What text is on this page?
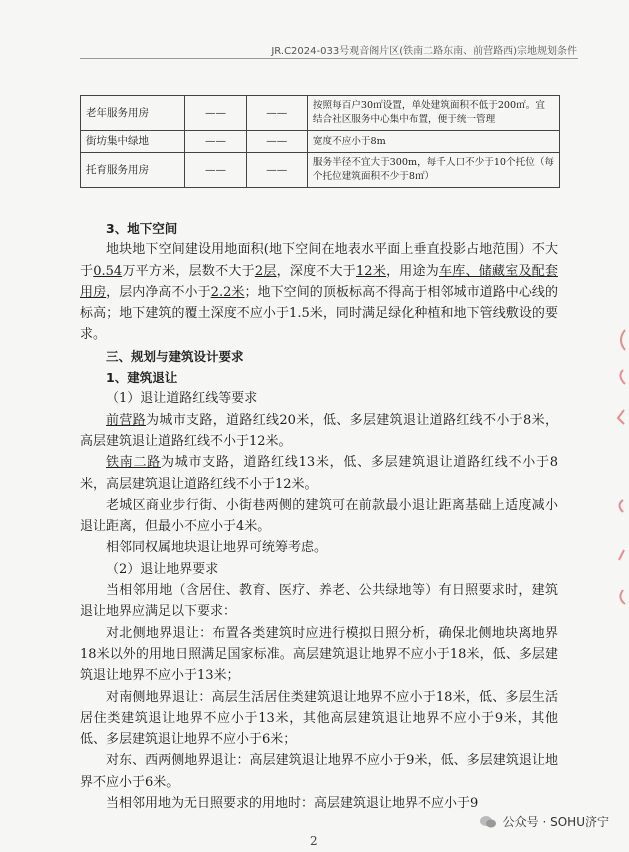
JR.C2024-033号观音阁片区(铁南二路东南、前营路西)宗地规划条件
老年服务用房	——	——	按照每百户30㎡设置，单处建筑面积不低于200㎡。宜结合社区服务中心集中布置，便于统一管理
街坊集中绿地	——	——	宽度不应小于8m
托育服务用房	——	——	服务半径不宜大于300m，每千人口不少于10个托位（每个托位建筑面积不少于8㎡）

3、地下空间

地块地下空间建设用地面积(地下空间在地表水平面上垂直投影占地范围）不大于0.54万平方米，层数不大于2层，深度不大于12米，用途为车库、储藏室及配套用房，层内净高不小于2.2米；地下空间的顶板标高不得高于相邻城市道路中心线的标高；地下建筑的覆土深度不应小于1.5米，同时满足绿化种植和地下管线敷设的要求。

三、规划与建筑设计要求

1、建筑退让

（1）退让道路红线等要求

前营路为城市支路，道路红线20米，低、多层建筑退让道路红线不小于8米，高层建筑退让道路红线不小于12米。

铁南二路为城市支路，道路红线13米，低、多层建筑退让道路红线不小于8米，高层建筑退让道路红线不小于12米。

老城区商业步行街、小街巷两侧的建筑可在前款最小退让距离基础上适度减小退让距离，但最小不应小于4米。

相邻同权属地块退让地界可统筹考虑。

（2）退让地界要求

当相邻用地（含居住、教育、医疗、养老、公共绿地等）有日照要求时，建筑退让地界应满足以下要求：

对北侧地界退让：布置各类建筑时应进行模拟日照分析，确保北侧地块离地界18米以外的用地日照满足国家标准。高层建筑退让地界不应小于18米，低、多层建筑退让地界不应小于13米；

对南侧地界退让：高层生活居住类建筑退让地界不应小于18米，低、多层生活居住类建筑退让地界不应小于13米，其他高层建筑退让地界不应小于9米，其他低、多层建筑退让地界不应小于6米；

对东、西两侧地界退让：高层建筑退让地界不应小于9米，低、多层建筑退让地界不应小于6米。

当相邻用地为无日照要求的用地时：高层建筑退让地界不应小于9

2
公众号 · SOHU济宁
